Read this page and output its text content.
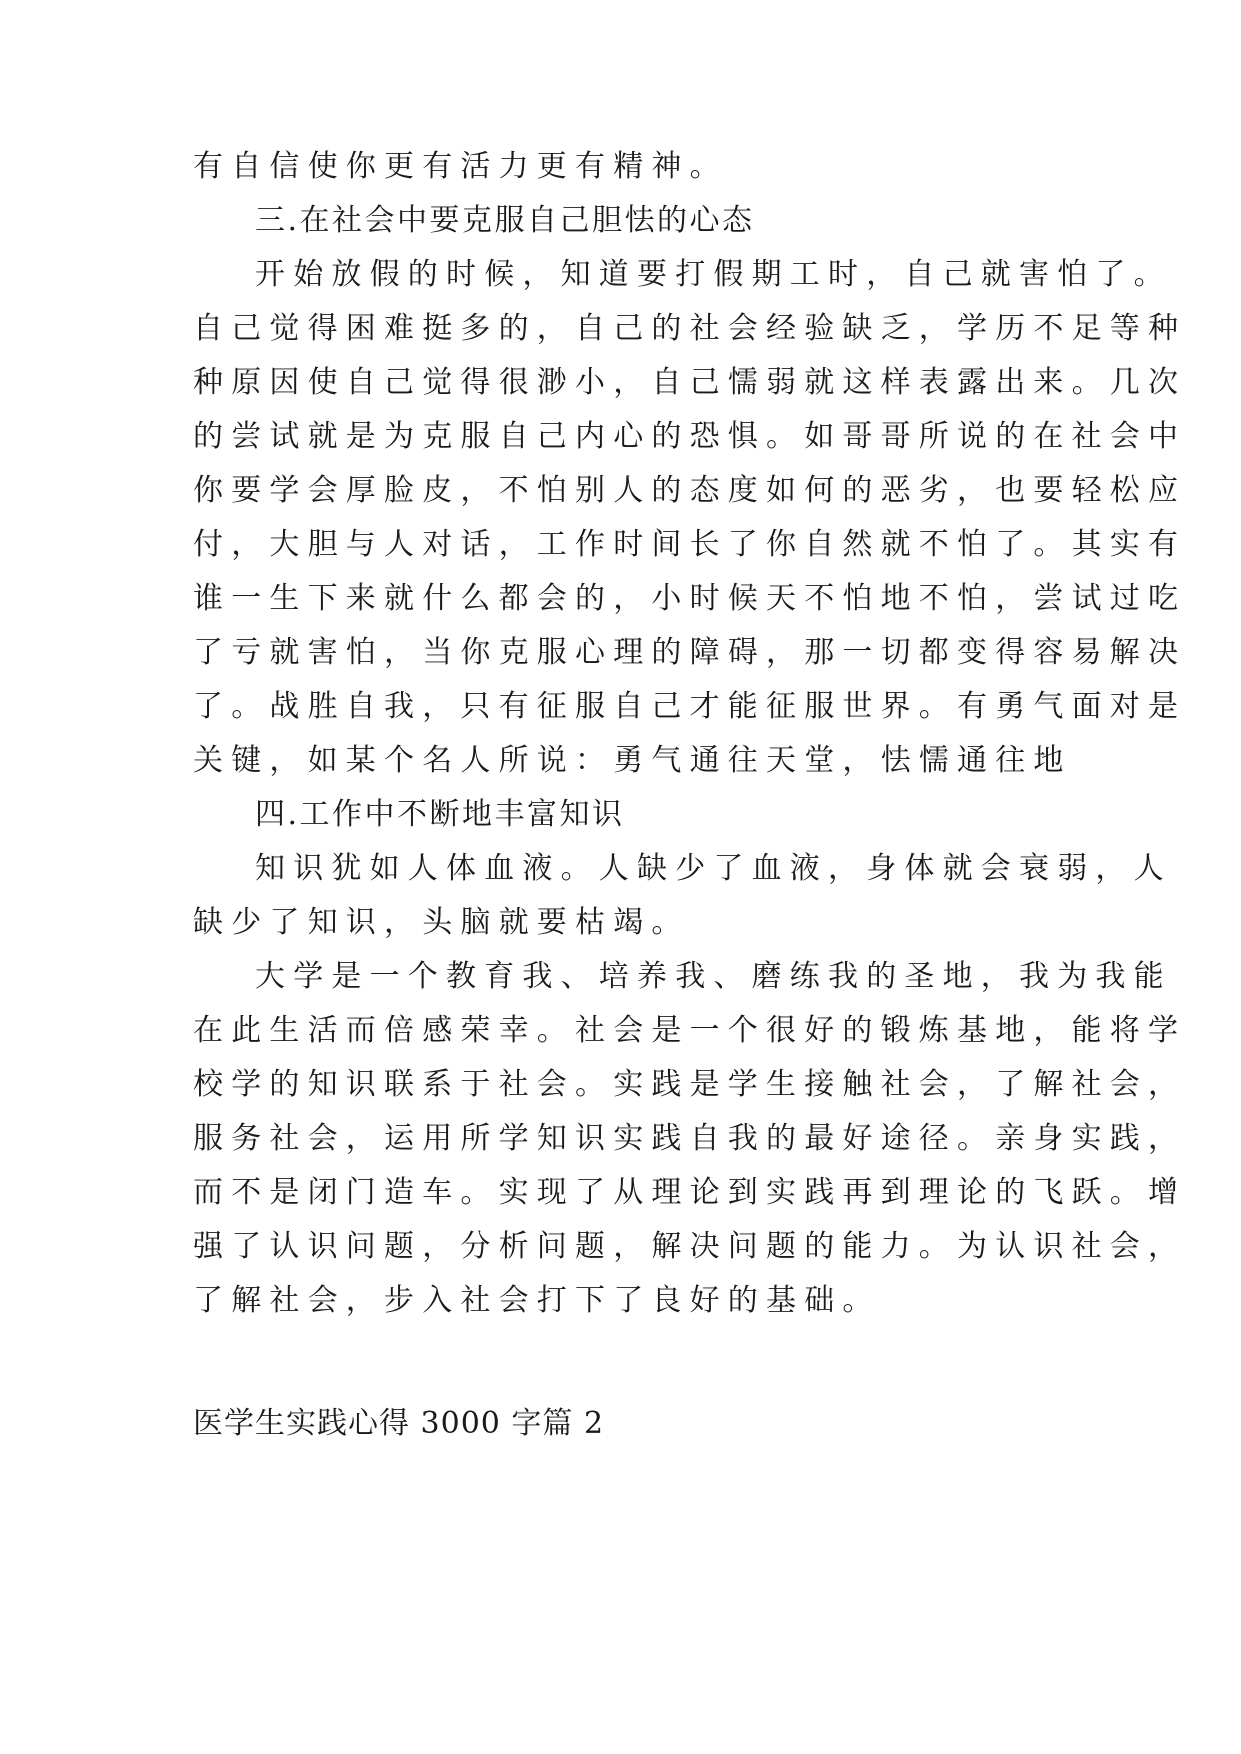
有自信使你更有活力更有精神。
三.在社会中要克服自己胆怯的心态
开始放假的时候，知道要打假期工时，自己就害怕了。
自己觉得困难挺多的，自己的社会经验缺乏，学历不足等种
种原因使自己觉得很渺小，自己懦弱就这样表露出来。几次
的尝试就是为克服自己内心的恐惧。如哥哥所说的在社会中
你要学会厚脸皮，不怕别人的态度如何的恶劣，也要轻松应
付，大胆与人对话，工作时间长了你自然就不怕了。其实有
谁一生下来就什么都会的，小时候天不怕地不怕，尝试过吃
了亏就害怕，当你克服心理的障碍，那一切都变得容易解决
了。战胜自我，只有征服自己才能征服世界。有勇气面对是
关键，如某个名人所说：勇气通往天堂，怯懦通往地
四.工作中不断地丰富知识
知识犹如人体血液。人缺少了血液，身体就会衰弱，人
缺少了知识，头脑就要枯竭。
大学是一个教育我、培养我、磨练我的圣地，我为我能
在此生活而倍感荣幸。社会是一个很好的锻炼基地，能将学
校学的知识联系于社会。实践是学生接触社会，了解社会，
服务社会，运用所学知识实践自我的最好途径。亲身实践，
而不是闭门造车。实现了从理论到实践再到理论的飞跃。增
强了认识问题，分析问题，解决问题的能力。为认识社会，
了解社会，步入社会打下了良好的基础。
医学生实践心得 3000 字篇 2
